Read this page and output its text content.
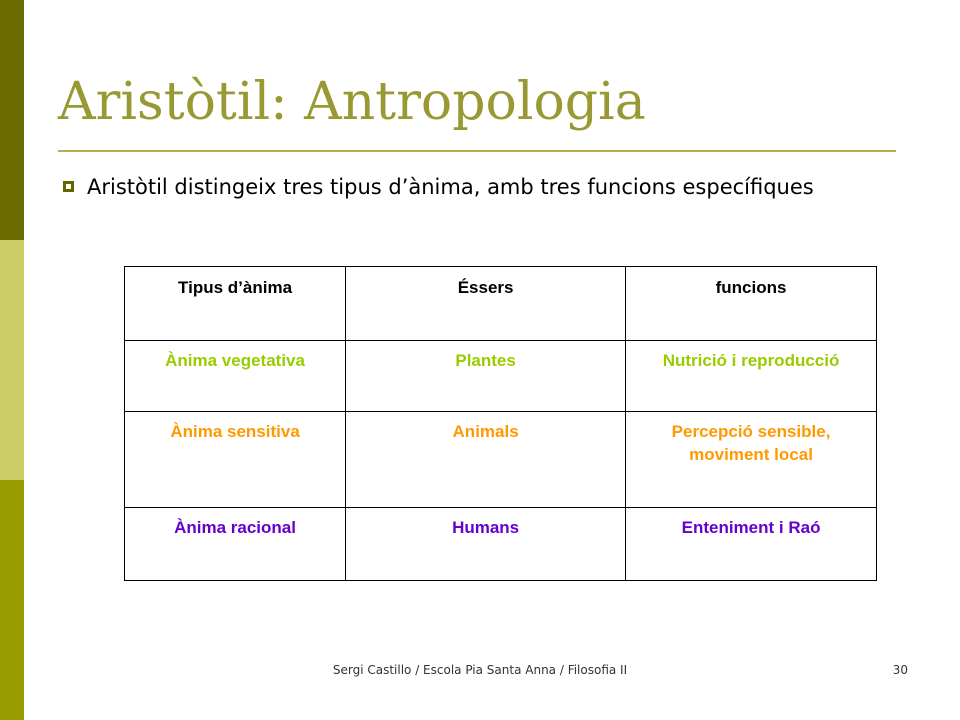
Aristòtil: Antropologia

Aristòtil distingeix tres tipus d’ànima, amb tres funcions específiques

Tipus d’ànima	Éssers	funcions
Ànima vegetativa	Plantes	Nutrició i reproducció
Ànima sensitiva	Animals	Percepció sensible, moviment local
Ànima racional	Humans	Enteniment i Raó

Sergi Castillo / Escola Pia Santa Anna / Filosofia II	30
